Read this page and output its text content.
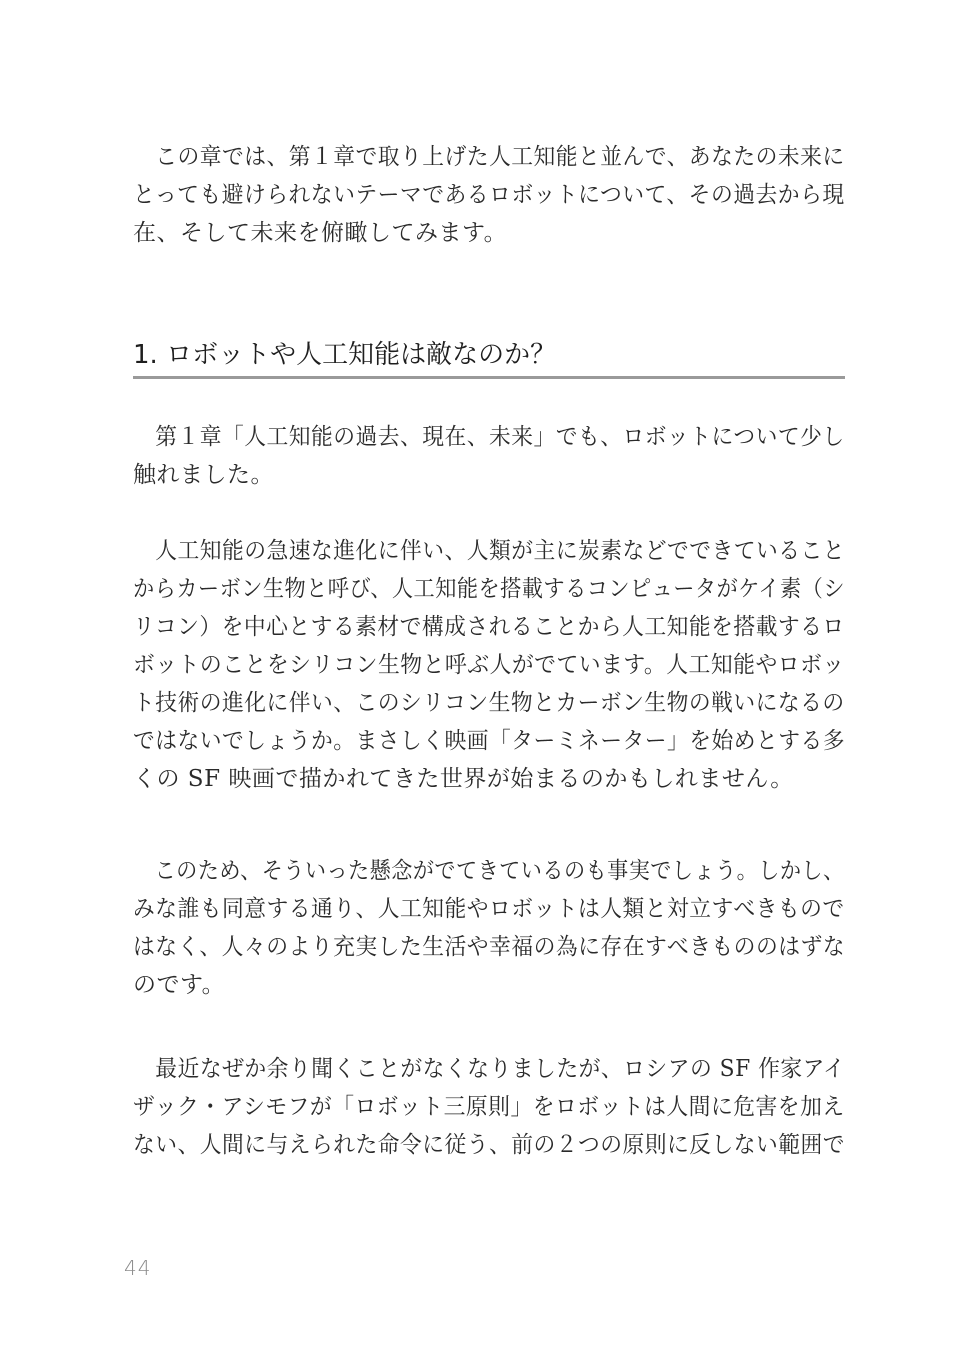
　この章では、第１章で取り上げた人工知能と並んで、あなたの未来に
とっても避けられないテーマであるロボットについて、その過去から現
在、そして未来を俯瞰してみます。
1. ロボットや人工知能は敵なのか？
　第１章「人工知能の過去、現在、未来」でも、ロボットについて少し
触れました。
　人工知能の急速な進化に伴い、人類が主に炭素などでできていること
からカーボン生物と呼び、人工知能を搭載するコンピュータがケイ素（シ
リコン）を中心とする素材で構成されることから人工知能を搭載するロ
ボットのことをシリコン生物と呼ぶ人がでています。人工知能やロボッ
ト技術の進化に伴い、このシリコン生物とカーボン生物の戦いになるの
ではないでしょうか。まさしく映画「ターミネーター」を始めとする多
くの SF 映画で描かれてきた世界が始まるのかもしれません。
　このため、そういった懸念がでてきているのも事実でしょう。しかし、
みな誰も同意する通り、人工知能やロボットは人類と対立すべきもので
はなく、人々のより充実した生活や幸福の為に存在すべきもののはずな
のです。
　最近なぜか余り聞くことがなくなりましたが、ロシアの SF 作家アイ
ザック・アシモフが「ロボット三原則」をロボットは人間に危害を加え
ない、人間に与えられた命令に従う、前の２つの原則に反しない範囲で
44
